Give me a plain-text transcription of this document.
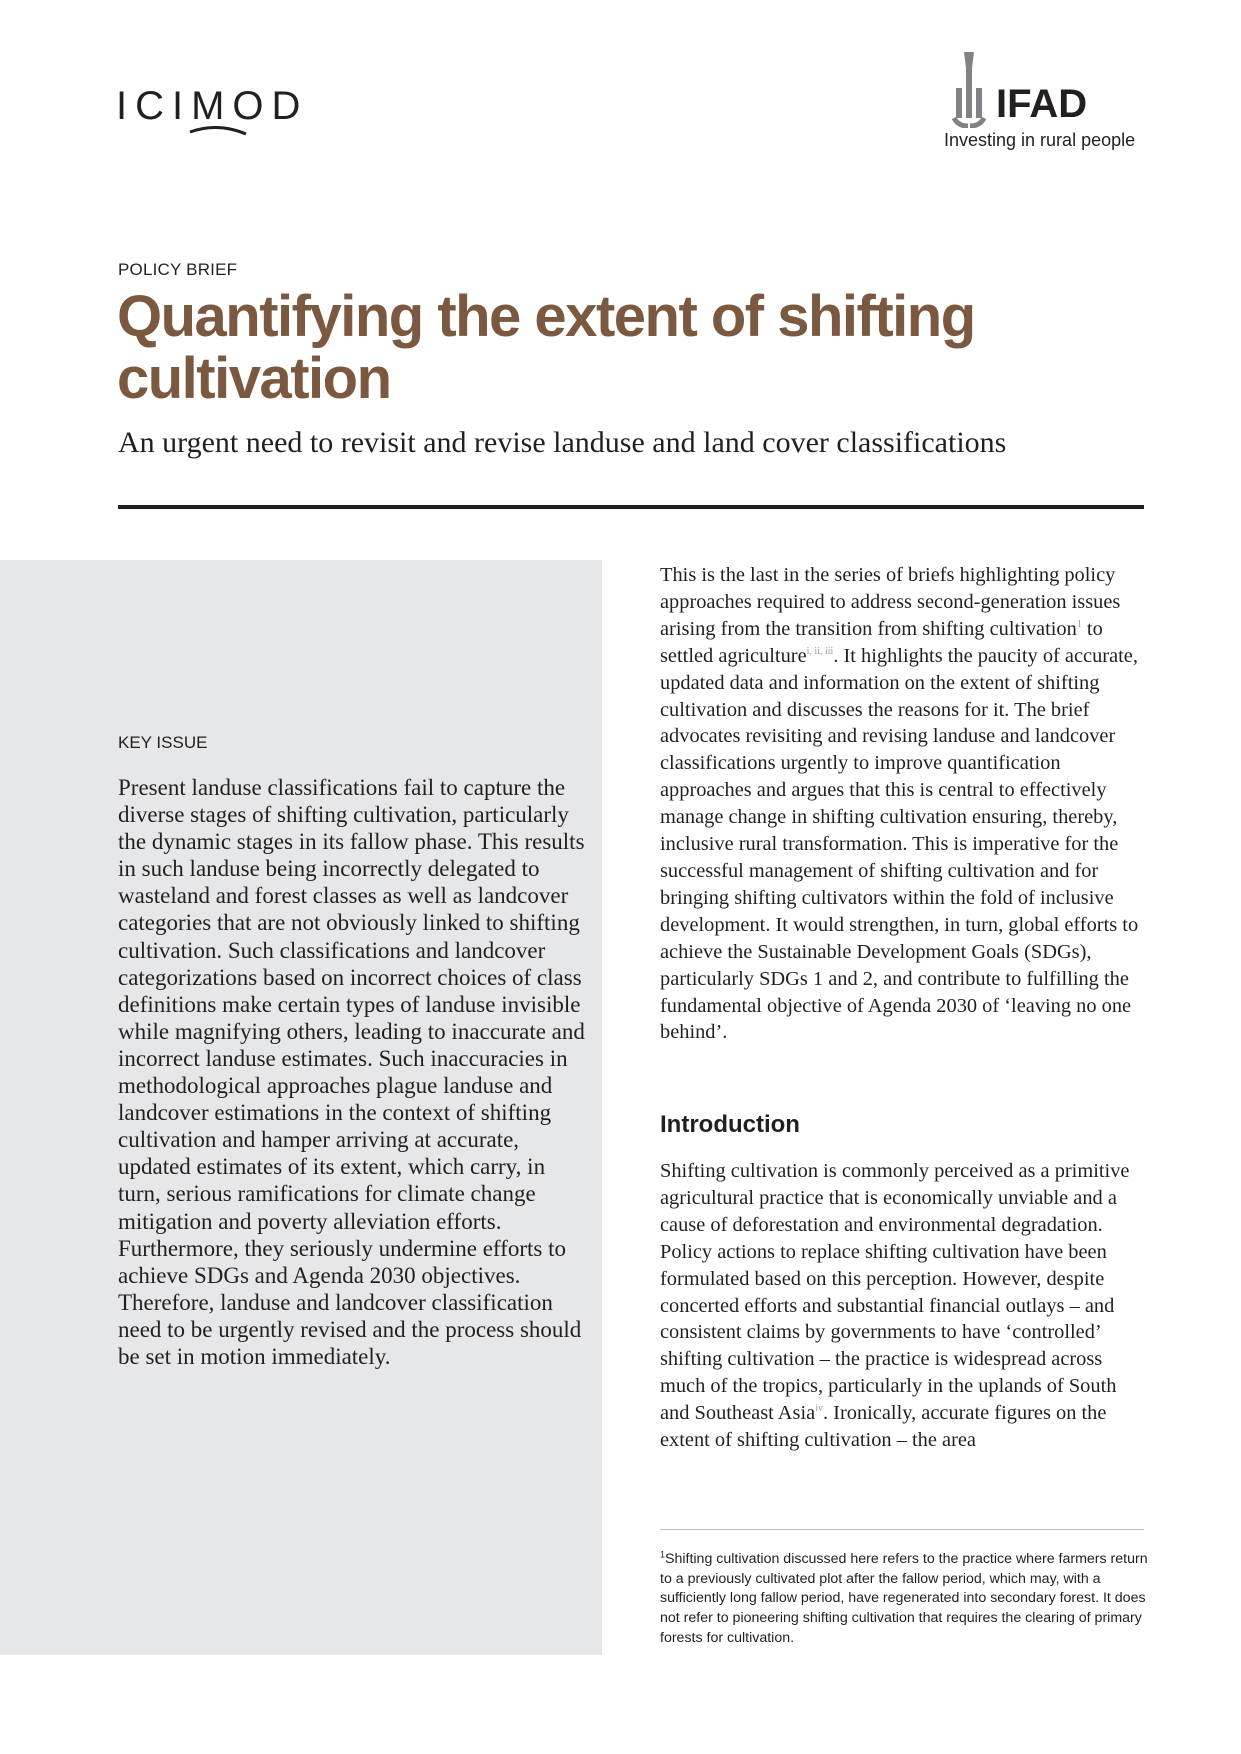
ICIMOD	IFAD
Investing in rural people
POLICY BRIEF
Quantifying the extent of shifting cultivation
An urgent need to revisit and revise landuse and land cover classifications
KEY ISSUE

Present landuse classifications fail to capture the diverse stages of shifting cultivation, particularly the dynamic stages in its fallow phase. This results in such landuse being incorrectly delegated to wasteland and forest classes as well as landcover categories that are not obviously linked to shifting cultivation. Such classifications and landcover categorizations based on incorrect choices of class definitions make certain types of landuse invisible while magnifying others, leading to inaccurate and incorrect landuse estimates. Such inaccuracies in methodological approaches plague landuse and landcover estimations in the context of shifting cultivation and hamper arriving at accurate, updated estimates of its extent, which carry, in turn, serious ramifications for climate change mitigation and poverty alleviation efforts. Furthermore, they seriously undermine efforts to achieve SDGs and Agenda 2030 objectives. Therefore, landuse and landcover classification need to be urgently revised and the process should be set in motion immediately.

This is the last in the series of briefs highlighting policy approaches required to address second-generation issues arising from the transition from shifting cultivation$^1$ to settled agriculture$^{i, ii, iii}$. It highlights the paucity of accurate, updated data and information on the extent of shifting cultivation and discusses the reasons for it. The brief advocates revisiting and revising landuse and landcover classifications urgently to improve quantification approaches and argues that this is central to effectively manage change in shifting cultivation ensuring, thereby, inclusive rural transformation. This is imperative for the successful management of shifting cultivation and for bringing shifting cultivators within the fold of inclusive development. It would strengthen, in turn, global efforts to achieve the Sustainable Development Goals (SDGs), particularly SDGs 1 and 2, and contribute to fulfilling the fundamental objective of Agenda 2030 of ‘leaving no one behind’.

Introduction

Shifting cultivation is commonly perceived as a primitive agricultural practice that is economically unviable and a cause of deforestation and environmental degradation. Policy actions to replace shifting cultivation have been formulated based on this perception. However, despite concerted efforts and substantial financial outlays – and consistent claims by governments to have ‘controlled’ shifting cultivation – the practice is widespread across much of the tropics, particularly in the uplands of South and Southeast Asia$^{iv}$. Ironically, accurate figures on the extent of shifting cultivation – the area

$^1$Shifting cultivation discussed here refers to the practice where farmers return to a previously cultivated plot after the fallow period, which may, with a sufficiently long fallow period, have regenerated into secondary forest. It does not refer to pioneering shifting cultivation that requires the clearing of primary forests for cultivation.
